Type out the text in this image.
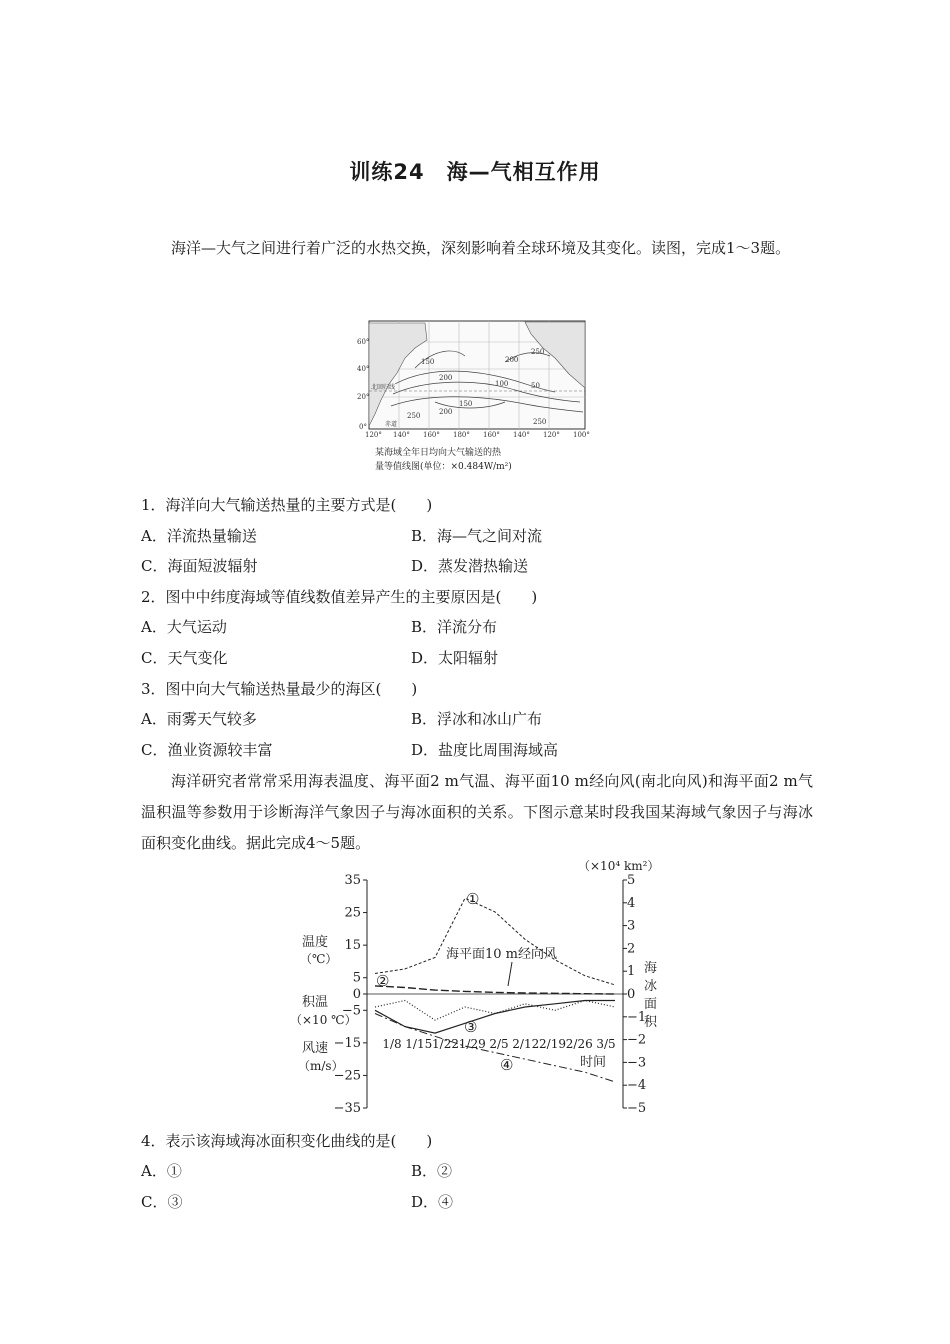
训练24　海—气相互作用
海洋—大气之间进行着广泛的水热交换，深刻影响着全球环境及其变化。读图，完成1～3题。
60°
40°
20°
0°
120° 140° 160° 180° 160° 140° 120° 100°
150
200
250
100	50
150
200
250
200
250
北回归线
赤道
某海域全年日均向大气输送的热
量等值线图(单位：×0.484W/m²)
1．海洋向大气输送热量的主要方式是(　　)
A．洋流热量输送	B．海—气之间对流
C．海面短波辐射	D．蒸发潜热输送
2．图中中纬度海域等值线数值差异产生的主要原因是(　　)
A．大气运动	B．洋流分布
C．天气变化	D．太阳辐射
3．图中向大气输送热量最少的海区(　　)
A．雨雾天气较多	B．浮冰和冰山广布
C．渔业资源较丰富	D．盐度比周围海域高
海洋研究者常常采用海表温度、海平面2 m气温、海平面10 m经向风(南北向风)和海平面2 m气温积温等参数用于诊断海洋气象因子与海冰面积的关系。下图示意某时段我国某海域气象因子与海冰面积变化曲线。据此完成4～5题。
（×10⁴ km²）
温度
（℃）
积温
（×10 ℃）
风速
（m/s）
海
冰
面
积
时间
海平面10 m经向风
35
25
15
5
0
−5
−15
−25
−35
5
4
3
2
1
0
−1
−2
−3
−4
−5
1/8 1/15 1/22 1/29 2/5 2/12 2/19 2/26 3/5
①
②
③
④
4．表示该海域海冰面积变化曲线的是(　　)
A．①	B．②
C．③	D．④
